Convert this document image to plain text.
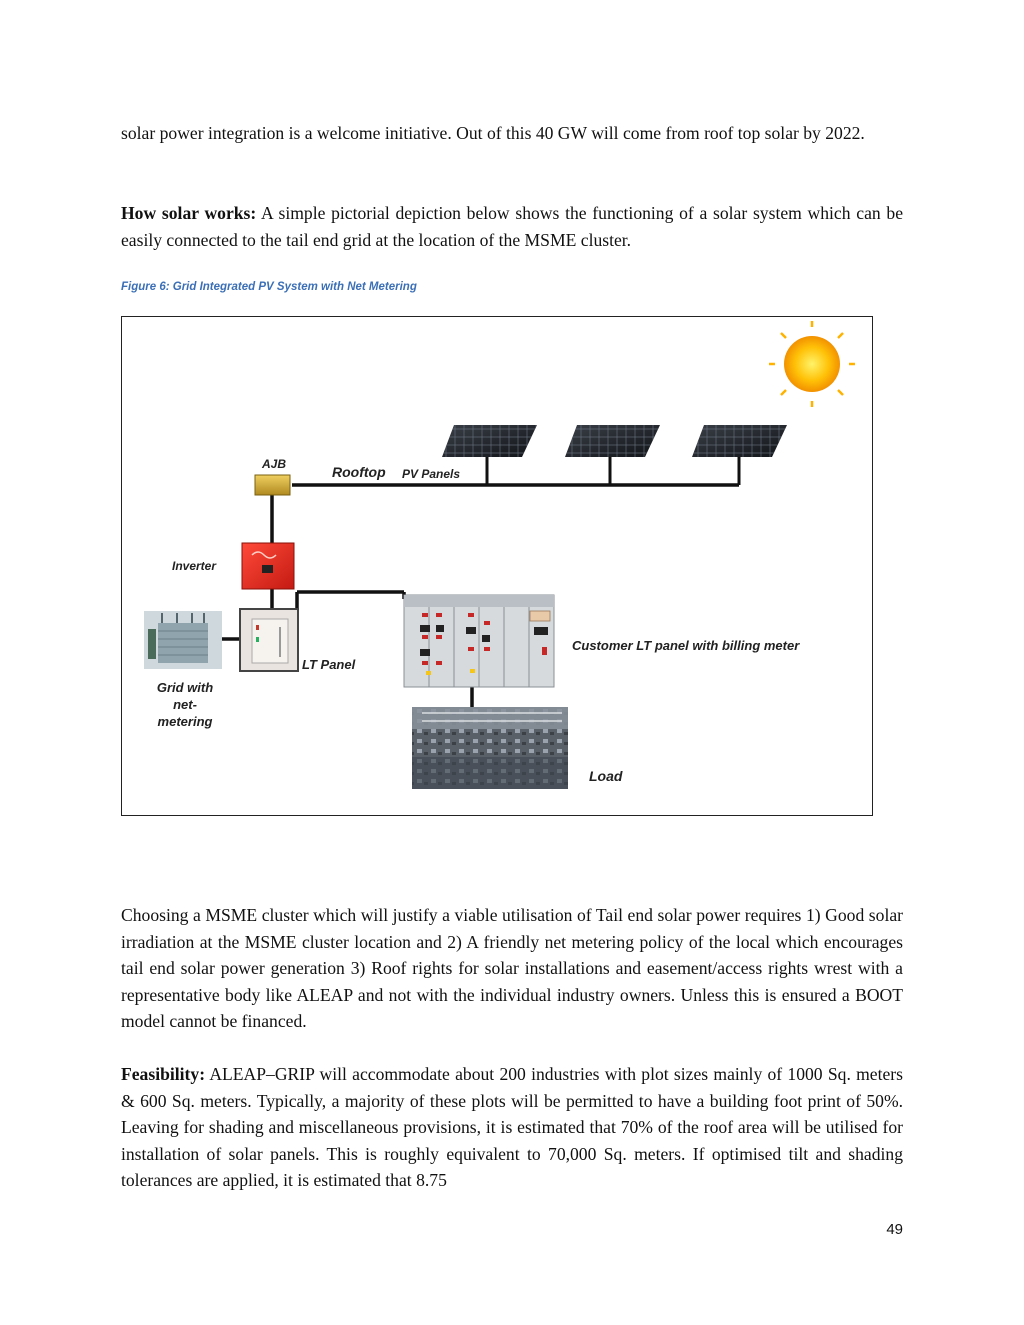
solar power integration is a welcome initiative. Out of this 40 GW will come from roof top solar by 2022.

How solar works: A simple pictorial depiction below shows the functioning of a solar system which can be easily connected to the tail end grid at the location of the MSME cluster.

Figure 6: Grid Integrated PV System with Net Metering
AJB	Rooftop PV Panels
Inverter
LT Panel
Customer LT panel with billing meter
Grid with
net-
metering
Load

Choosing a MSME cluster which will justify a viable utilisation of Tail end solar power requires 1) Good solar irradiation at the MSME cluster location and 2) A friendly net metering policy of the local which encourages tail end solar power generation 3) Roof rights for solar installations and easement/access rights wrest with a representative body like ALEAP and not with the individual industry owners. Unless this is ensured a BOOT model cannot be financed.

Feasibility: ALEAP–GRIP will accommodate about 200 industries with plot sizes mainly of 1000 Sq. meters & 600 Sq. meters. Typically, a majority of these plots will be permitted to have a building foot print of 50%. Leaving for shading and miscellaneous provisions, it is estimated that 70% of the roof area will be utilised for installation of solar panels. This is roughly equivalent to 70,000 Sq. meters. If optimised tilt and shading tolerances are applied, it is estimated that 8.75

49
